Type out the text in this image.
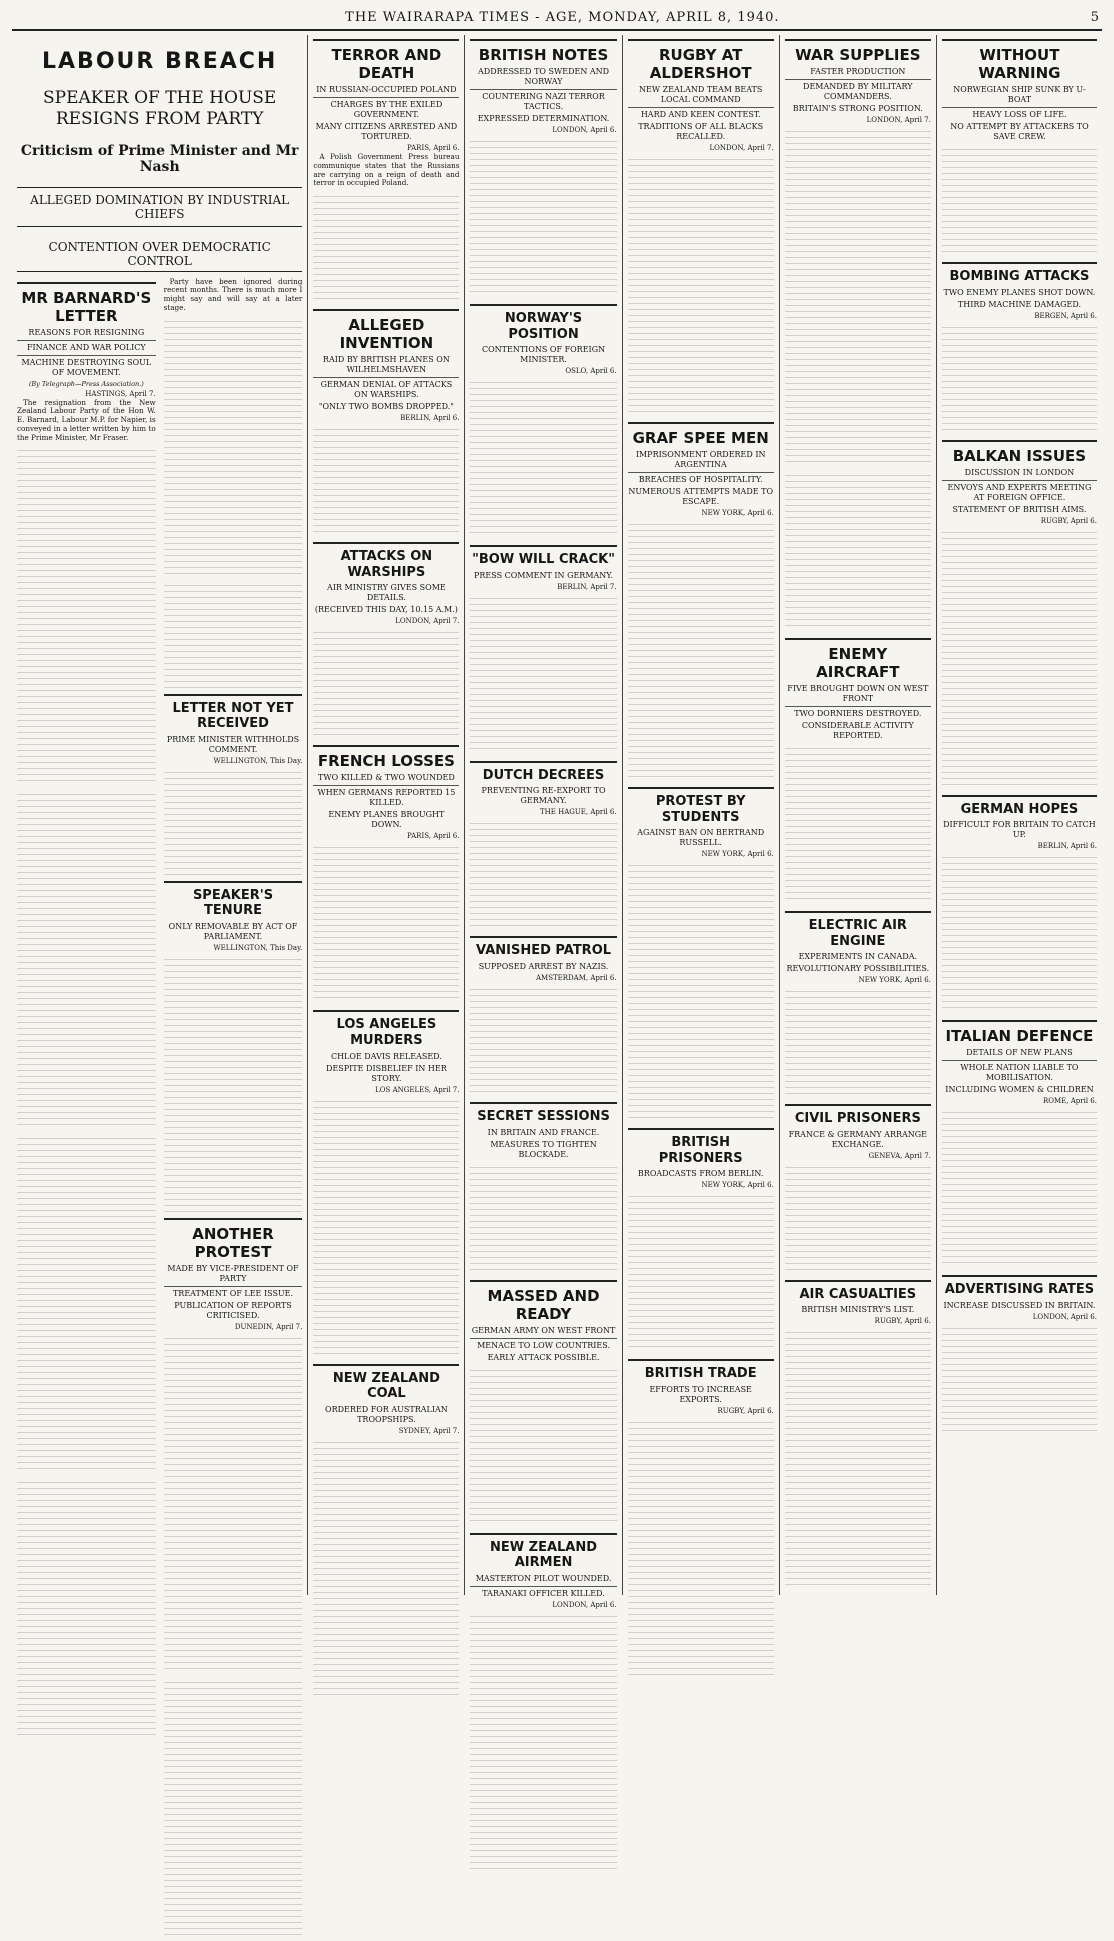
THE WAIRARAPA TIMES - AGE, MONDAY, APRIL 8, 1940.	5
LABOUR BREACH
SPEAKER OF THE HOUSE RESIGNS FROM PARTY
Criticism of Prime Minister and Mr Nash
ALLEGED DOMINATION BY INDUSTRIAL CHIEFS
CONTENTION OVER DEMOCRATIC CONTROL
MR BARNARD'S LETTER
REASONS FOR RESIGNING
FINANCE AND WAR POLICY
MACHINE DESTROYING SOUL OF MOVEMENT.
(By Telegraph—Press Association.)
HASTINGS, April 7.

The resignation from the New Zealand Labour Party of the Hon W. E. Barnard, Labour M.P. for Napier, is conveyed in a letter written by him to the Prime Minister, Mr Fraser.

Party have been ignored during recent months. There is much more I might say and will say at a later stage.

LETTER NOT YET RECEIVED
PRIME MINISTER WITHHOLDS COMMENT.
WELLINGTON, This Day.
SPEAKER'S TENURE
ONLY REMOVABLE BY ACT OF PARLIAMENT.
WELLINGTON, This Day.
ANOTHER PROTEST
MADE BY VICE-PRESIDENT OF PARTY
TREATMENT OF LEE ISSUE.
PUBLICATION OF REPORTS CRITICISED.
DUNEDIN, April 7.
TERROR AND DEATH
IN RUSSIAN-OCCUPIED POLAND
CHARGES BY THE EXILED GOVERNMENT.
MANY CITIZENS ARRESTED AND TORTURED.
PARIS, April 6.

A Polish Government Press bureau communique states that the Russians are carrying on a reign of death and terror in occupied Poland.

ALLEGED INVENTION
RAID BY BRITISH PLANES ON WILHELMSHAVEN
GERMAN DENIAL OF ATTACKS ON WARSHIPS.
"ONLY TWO BOMBS DROPPED."
BERLIN, April 6.
ATTACKS ON WARSHIPS
AIR MINISTRY GIVES SOME DETAILS.
(RECEIVED THIS DAY, 10.15 A.M.)
LONDON, April 7.
FRENCH LOSSES
TWO KILLED & TWO WOUNDED
WHEN GERMANS REPORTED 15 KILLED.
ENEMY PLANES BROUGHT DOWN.
PARIS, April 6.
LOS ANGELES MURDERS
CHLOE DAVIS RELEASED.
DESPITE DISBELIEF IN HER STORY.
LOS ANGELES, April 7.
NEW ZEALAND COAL
ORDERED FOR AUSTRALIAN TROOPSHIPS.
SYDNEY, April 7.
BRITISH NOTES
ADDRESSED TO SWEDEN AND NORWAY
COUNTERING NAZI TERROR TACTICS.
EXPRESSED DETERMINATION.
LONDON, April 6.
NORWAY'S POSITION
CONTENTIONS OF FOREIGN MINISTER.
OSLO, April 6.
"BOW WILL CRACK"
PRESS COMMENT IN GERMANY.
BERLIN, April 7.
DUTCH DECREES
PREVENTING RE-EXPORT TO GERMANY.
THE HAGUE, April 6.
VANISHED PATROL
SUPPOSED ARREST BY NAZIS.
AMSTERDAM, April 6.
SECRET SESSIONS
IN BRITAIN AND FRANCE.
MEASURES TO TIGHTEN BLOCKADE.
MASSED AND READY
GERMAN ARMY ON WEST FRONT
MENACE TO LOW COUNTRIES.
EARLY ATTACK POSSIBLE.
NEW ZEALAND AIRMEN
MASTERTON PILOT WOUNDED.
TARANAKI OFFICER KILLED.
LONDON, April 6.
RUGBY AT ALDERSHOT
NEW ZEALAND TEAM BEATS LOCAL COMMAND
HARD AND KEEN CONTEST.
TRADITIONS OF ALL BLACKS RECALLED.
LONDON, April 7.
GRAF SPEE MEN
IMPRISONMENT ORDERED IN ARGENTINA
BREACHES OF HOSPITALITY.
NUMEROUS ATTEMPTS MADE TO ESCAPE.
NEW YORK, April 6.
PROTEST BY STUDENTS
AGAINST BAN ON BERTRAND RUSSELL.
NEW YORK, April 6.
BRITISH PRISONERS
BROADCASTS FROM BERLIN.
NEW YORK, April 6.
BRITISH TRADE
EFFORTS TO INCREASE EXPORTS.
RUGBY, April 6.
WAR SUPPLIES
FASTER PRODUCTION
DEMANDED BY MILITARY COMMANDERS.
BRITAIN'S STRONG POSITION.
LONDON, April 7.
ENEMY AIRCRAFT
FIVE BROUGHT DOWN ON WEST FRONT
TWO DORNIERS DESTROYED.
CONSIDERABLE ACTIVITY REPORTED.
ELECTRIC AIR ENGINE
EXPERIMENTS IN CANADA.
REVOLUTIONARY POSSIBILITIES.
NEW YORK, April 6.
CIVIL PRISONERS
FRANCE & GERMANY ARRANGE EXCHANGE.
GENEVA, April 7.
AIR CASUALTIES
BRITISH MINISTRY'S LIST.
RUGBY, April 6.
WITHOUT WARNING
NORWEGIAN SHIP SUNK BY U-BOAT
HEAVY LOSS OF LIFE.
NO ATTEMPT BY ATTACKERS TO SAVE CREW.
BOMBING ATTACKS
TWO ENEMY PLANES SHOT DOWN.
THIRD MACHINE DAMAGED.
BERGEN, April 6.
BALKAN ISSUES
DISCUSSION IN LONDON
ENVOYS AND EXPERTS MEETING AT FOREIGN OFFICE.
STATEMENT OF BRITISH AIMS.
RUGBY, April 6.
GERMAN HOPES
DIFFICULT FOR BRITAIN TO CATCH UP.
BERLIN, April 6.
ITALIAN DEFENCE
DETAILS OF NEW PLANS
WHOLE NATION LIABLE TO MOBILISATION.
INCLUDING WOMEN & CHILDREN
ROME, April 6.
ADVERTISING RATES
INCREASE DISCUSSED IN BRITAIN.
LONDON, April 6.
